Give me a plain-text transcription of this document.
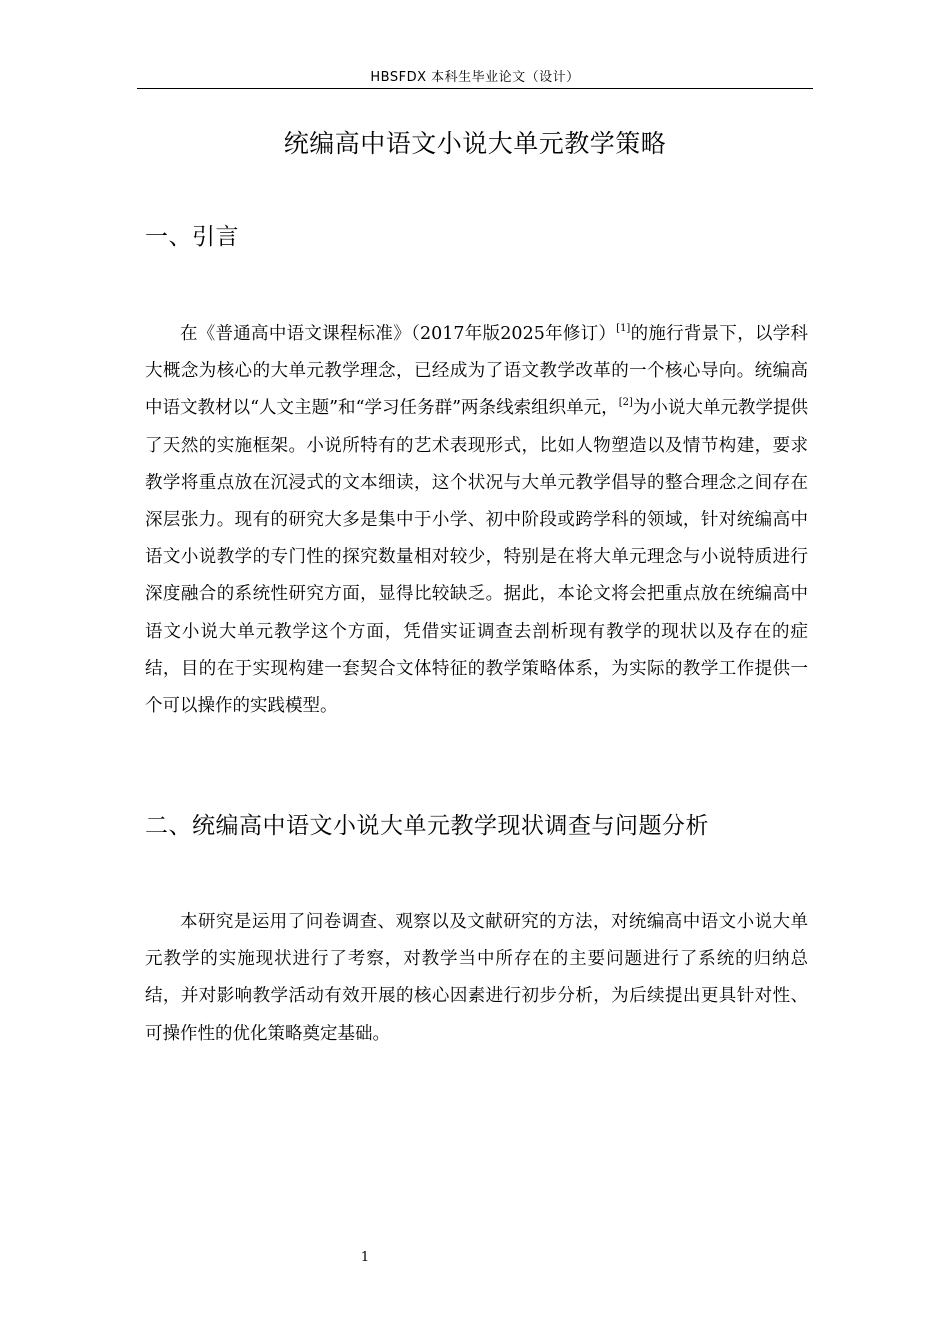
HBSFDX 本科生毕业论文（设计）
统编高中语文小说大单元教学策略
一、引言
在《普通高中语文课程标准》（2017年版2025年修订）[1]的施行背景下，以学科大概念为核心的大单元教学理念，已经成为了语文教学改革的一个核心导向。统编高中语文教材以“人文主题”和“学习任务群”两条线索组织单元，[2]为小说大单元教学提供了天然的实施框架。小说所特有的艺术表现形式，比如人物塑造以及情节构建，要求教学将重点放在沉浸式的文本细读，这个状况与大单元教学倡导的整合理念之间存在深层张力。现有的研究大多是集中于小学、初中阶段或跨学科的领域，针对统编高中语文小说教学的专门性的探究数量相对较少，特别是在将大单元理念与小说特质进行深度融合的系统性研究方面，显得比较缺乏。据此，本论文将会把重点放在统编高中语文小说大单元教学这个方面，凭借实证调查去剖析现有教学的现状以及存在的症结，目的在于实现构建一套契合文体特征的教学策略体系，为实际的教学工作提供一个可以操作的实践模型。
二、统编高中语文小说大单元教学现状调查与问题分析
本研究是运用了问卷调查、观察以及文献研究的方法，对统编高中语文小说大单元教学的实施现状进行了考察，对教学当中所存在的主要问题进行了系统的归纳总结，并对影响教学活动有效开展的核心因素进行初步分析，为后续提出更具针对性、可操作性的优化策略奠定基础。
1
